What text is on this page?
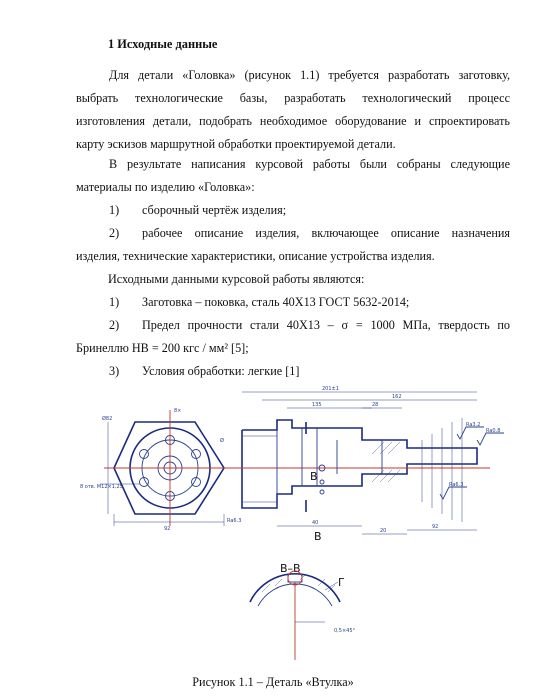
1 Исходные данные

Для детали «Головка» (рисунок 1.1) требуется разработать заготовку, выбрать технологические базы, разработать технологический процесс изготовления детали, подобрать необходимое оборудование и спроектировать карту эскизов маршрутной обработки проектируемой детали.

В результате написания курсовой работы были собраны следующие материалы по изделию «Головка»:

1) сборочный чертёж изделия;

2) рабочее описание изделия, включающее описание назначения изделия, технические характеристики, описание устройства изделия.

Исходными данными курсовой работы являются:

1) Заготовка – поковка, сталь 40Х13 ГОСТ 5632-2014;

2) Предел прочности стали 40Х13 – σ = 1000 МПа, твердость по Бринеллю HB = 200 кгс / мм² [5];

3) Условия обработки: легкие [1]

92
8 отв. М12×1,25
Ø82
8×
201±1
162
135	28
Ra3.2
Ra0.8
Ra6.3
40
20
92
В
В
Ra6.3
Ø
В–В
Г
0,5×45°
Рисунок 1.1 – Деталь «Втулка»
